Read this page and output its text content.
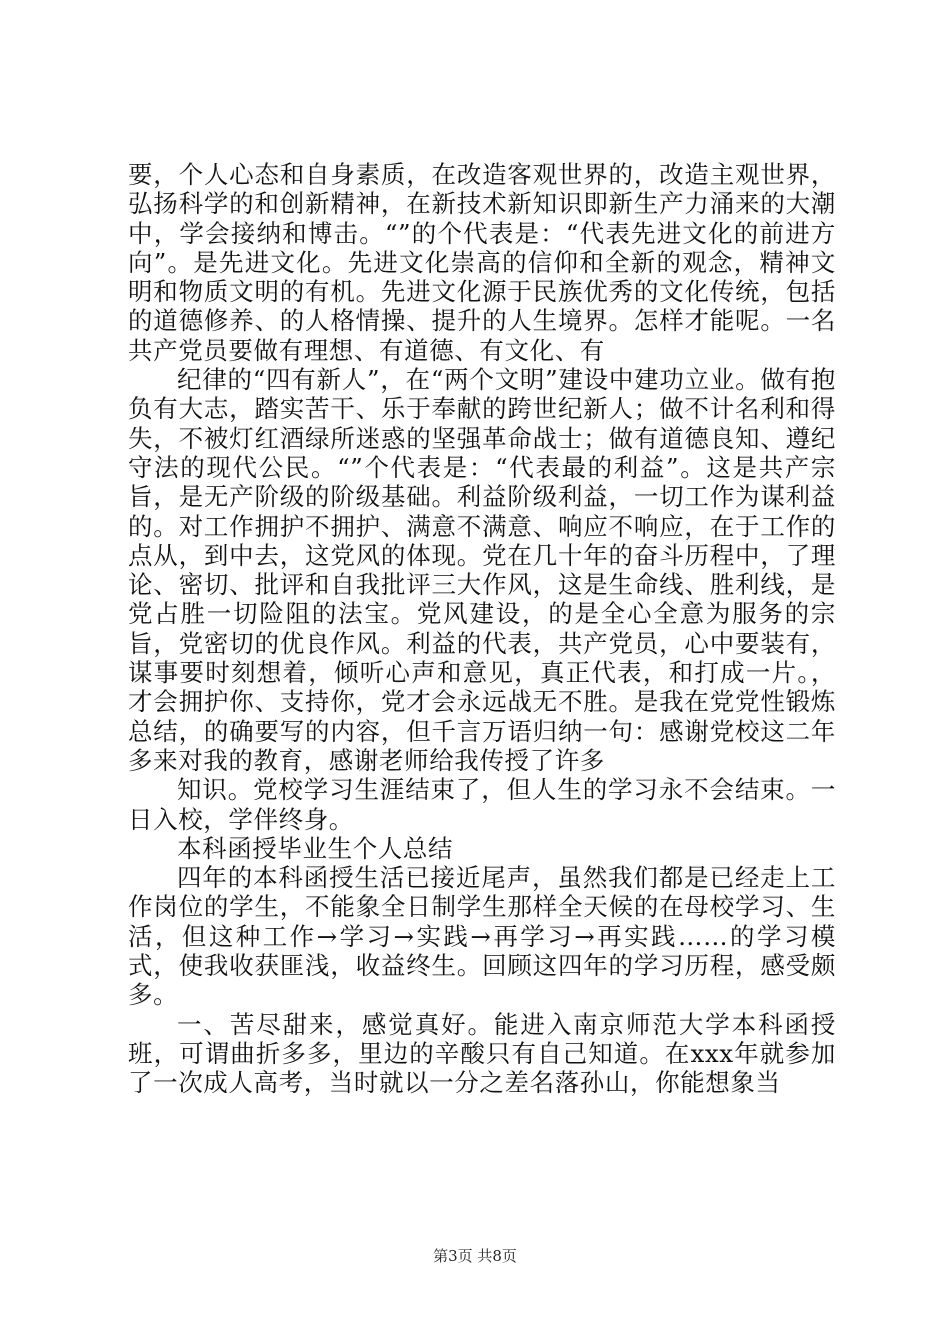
要，个人心态和自身素质，在改造客观世界的，改造主观世界，弘扬科学的和创新精神，在新技术新知识即新生产力涌来的大潮中，学会接纳和博击。“”的个代表是：“代表先进文化的前进方向”。是先进文化。先进文化崇高的信仰和全新的观念，精神文明和物质文明的有机。先进文化源于民族优秀的文化传统，包括的道德修养、的人格情操、提升的人生境界。怎样才能呢。一名共产党员要做有理想、有道德、有文化、有

纪律的“四有新人”，在“两个文明”建设中建功立业。做有抱负有大志，踏实苦干、乐于奉献的跨世纪新人；做不计名利和得失，不被灯红酒绿所迷惑的坚强革命战士；做有道德良知、遵纪守法的现代公民。“”个代表是：“代表最的利益”。这是共产宗旨，是无产阶级的阶级基础。利益阶级利益，一切工作为谋利益的。对工作拥护不拥护、满意不满意、响应不响应，在于工作的点从，到中去，这党风的体现。党在几十年的奋斗历程中，了理论、密切、批评和自我批评三大作风，这是生命线、胜利线，是党占胜一切险阻的法宝。党风建设，的是全心全意为服务的宗旨，党密切的优良作风。利益的代表，共产党员，心中要装有，谋事要时刻想着，倾听心声和意见，真正代表，和打成一片。，才会拥护你、支持你，党才会永远战无不胜。是我在党党性锻炼总结，的确要写的内容，但千言万语归纳一句：感谢党校这二年多来对我的教育，感谢老师给我传授了许多

知识。党校学习生涯结束了，但人生的学习永不会结束。一日入校，学伴终身。

本科函授毕业生个人总结

四年的本科函授生活已接近尾声，虽然我们都是已经走上工作岗位的学生，不能象全日制学生那样全天候的在母校学习、生活，但这种工作→学习→实践→再学习→再实践……的学习模式，使我收获匪浅，收益终生。回顾这四年的学习历程，感受颇多。

一、苦尽甜来，感觉真好。能进入南京师范大学本科函授班，可谓曲折多多，里边的辛酸只有自己知道。在xxx年就参加了一次成人高考，当时就以一分之差名落孙山，你能想象当

第3页 共8页
